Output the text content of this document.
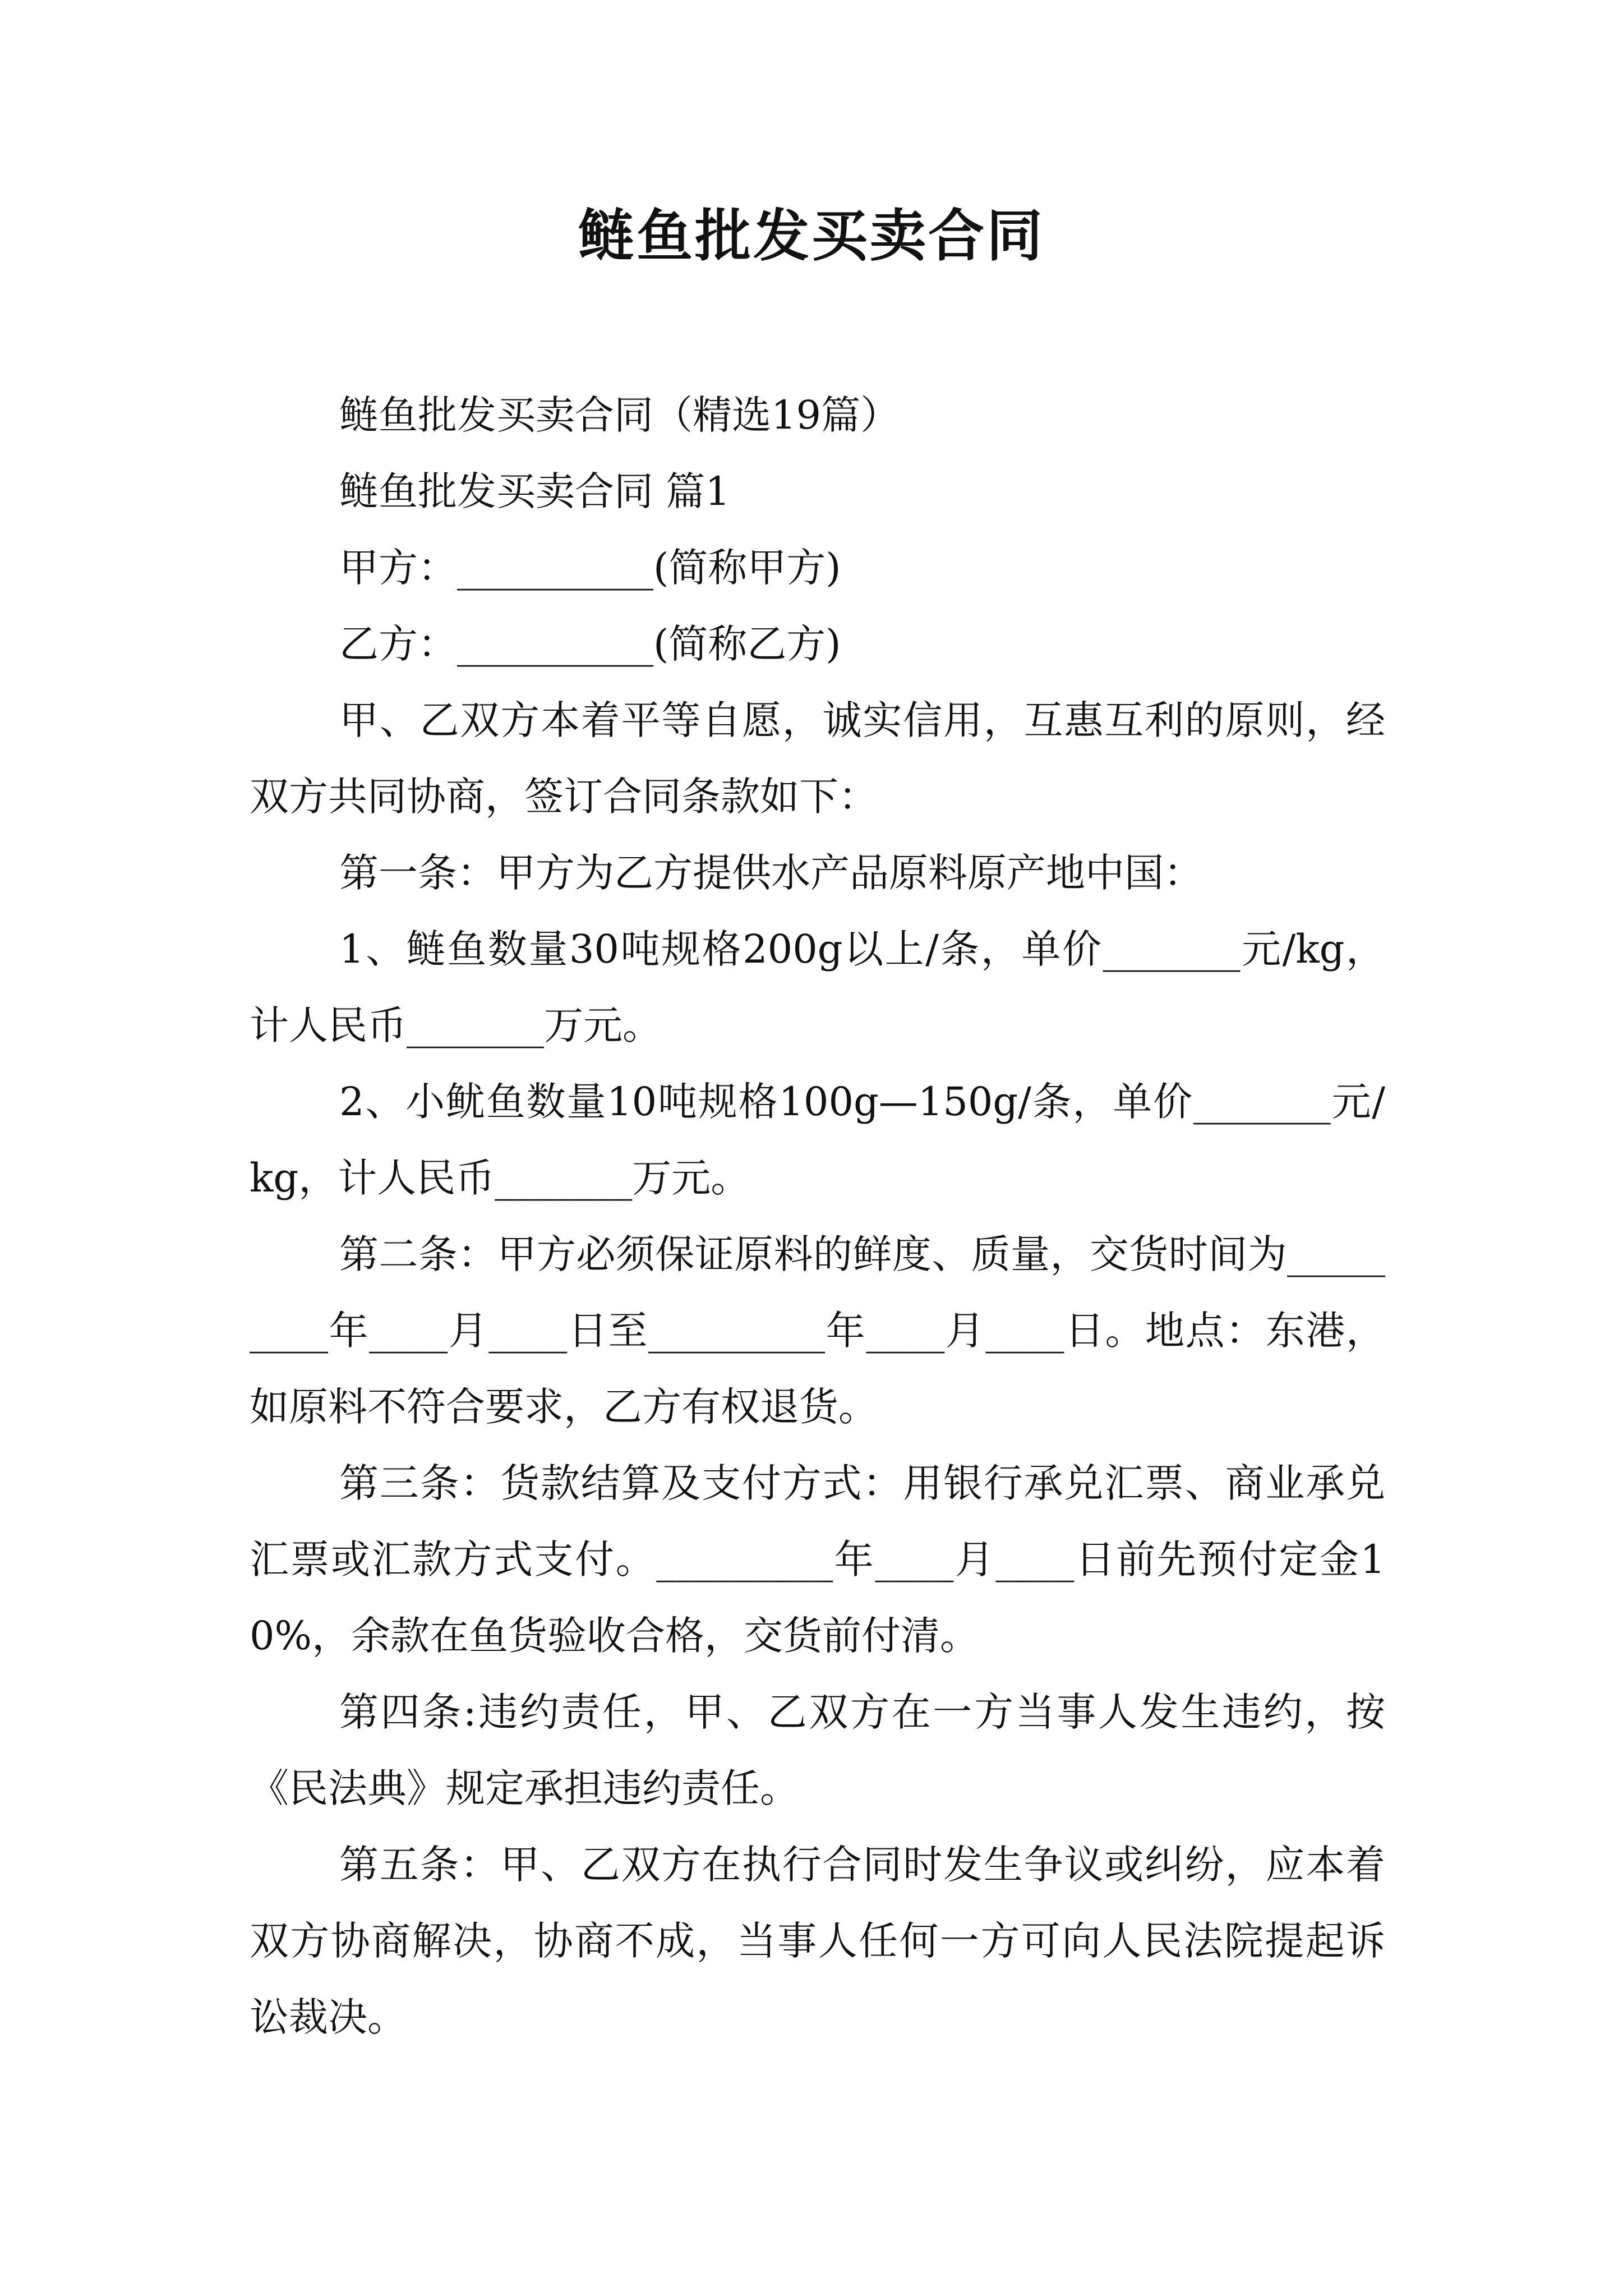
鲢鱼批发买卖合同

鲢鱼批发买卖合同（精选19篇）

鲢鱼批发买卖合同 篇1

甲方：__________(简称甲方)

乙方：__________(简称乙方)

甲、乙双方本着平等自愿，诚实信用，互惠互利的原则，经双方共同协商，签订合同条款如下：

第一条：甲方为乙方提供水产品原料原产地中国：

1、鲢鱼数量30吨规格200g以上/条，单价_______元/kg，计人民币_______万元。

2、小鱿鱼数量10吨规格100g—150g/条，单价_______元/kg，计人民币_______万元。

第二条：甲方必须保证原料的鲜度、质量，交货时间为_________年____月____日至_________年____月____日。地点：东港，如原料不符合要求，乙方有权退货。

第三条：货款结算及支付方式：用银行承兑汇票、商业承兑汇票或汇款方式支付。_________年____月____日前先预付定金10%，余款在鱼货验收合格，交货前付清。

第四条:违约责任，甲、乙双方在一方当事人发生违约，按《民法典》规定承担违约责任。

第五条：甲、乙双方在执行合同时发生争议或纠纷，应本着双方协商解决，协商不成，当事人任何一方可向人民法院提起诉讼裁决。
